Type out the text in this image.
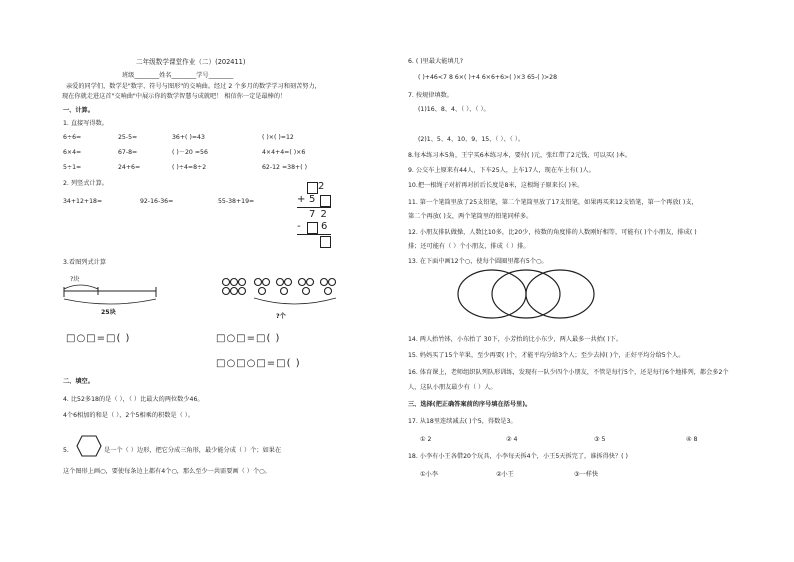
二年级数学课堂作业（二）(202411)
班级________姓名________学号________
亲爱的同学们，数学是"数字、符号与图形"的交响曲。经过 2 个多月的数学学习和刻苦努力，
现在你就走进这首"交响曲"中展示你的数学智慧与成就吧！ 相信你一定是最棒的！
一、计算。
1. 直接写得数。
6÷6=	25-5=	36+( )=43	( )×( )=12
6×4=	67-8=	( )－20 =56	4×4+4=( )×6
5÷1=	24+6=	( )÷4=8÷2	62-12 =38+( )
2. 列竖式计算。
34+12+18=	92-16-36=	55-38+19=
2
+ 5
7 2
- 6
3.看图列式计算
?块
25块
?个
□○□=□( )	□○□=□( )
□○□○□=□( )
二、填空。
4. 比52多18的是（ ），（ ）比最大的两位数少46。
4个6相加的和是（ ），2个5相乘的积数是（ ）。
5.	是一个（ ）边形，把它分成三角形，最少能分成（ ）个；如果在
这个图形上画○，要使每条边上都有4个○，那么至少一共需要画（ ）个○。
6. ( )里最大能填几?
( )+46<7 8 6×( )+4 6×6+6>( )×3 65-( )>28
7. 按规律填数。
(1)16、8、4、（ ）、（ ）。
(2)1、5、4、10、9、15、（ ）、（ ）。
8.每本练习本5角，王宁买6本练习本，要付( )元，张红带了2元钱，可以买( )本。
9. 公交车上原来有44人，下车25人，上车17人，现在车上有( )人。
10.把一根绳子对折再对折后长度是8米，这根绳子原来长( )米。
11. 第一个笔筒里放了25支铅笔，第二个笔筒里放了17支铅笔，如果再买来12支铅笔，第一个再放( )支，
第二个再放( )支，两个笔筒里的铅笔同样多。
12. 小朋友排队做操，人数比10多，比20少，按数的角度排的人数刚好相等，可能有( )个小朋友，排成( )
排；还可能有（ ）个小朋友，排成（ ）排。
13. 在下面中画12个○，使每个圆圈里都有5个○。
14. 两人抬竹钵，小东抬了 30下，小芳抬的比小东少，两人最多一共抬( )下。
15. 妈妈买了15个苹果，至少再要( )个，才能平均分给3个人；至少去掉( )个，正好平均分给5个人。
16. 体育课上，老师组织队列队形训练，发现有一队少四个小朋友，不管是每行5个，还是每行6个地排列，都会多2个
人，这队小朋友最少有（ ）人。
三、选择(把正确答案前的序号填在括号里)。
17. 从18里连续减去( )个5，得数是3。
① 2	② 4	③ 5	④ 8
18. 小李有小王各借20个玩具，小李每天拆4个，小王5天拆完了，谁拆得快？( )
①小李	②小王	③一样快
